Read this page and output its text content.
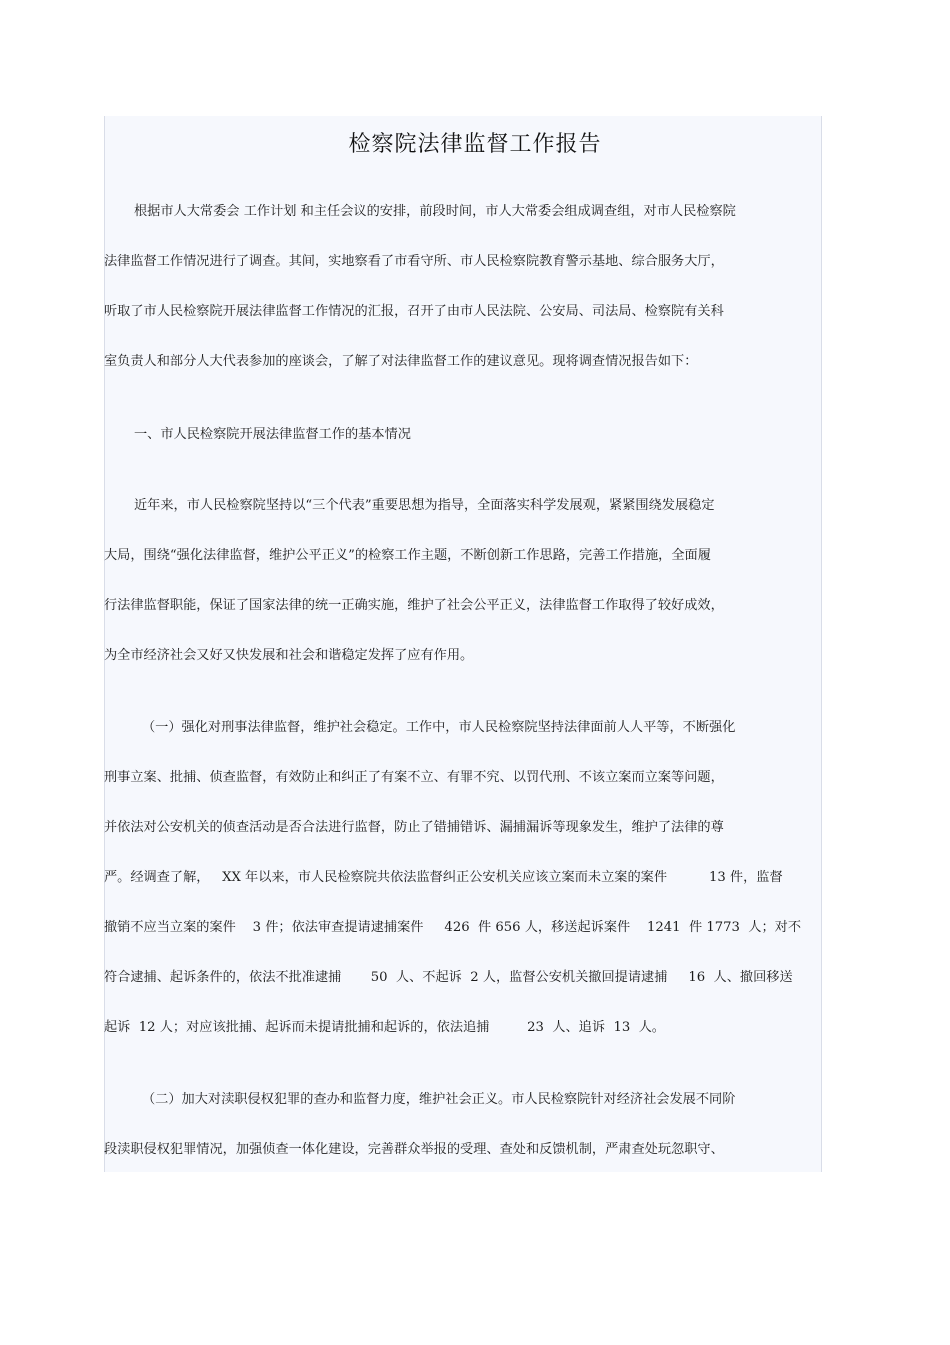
检察院法律监督工作报告
根据市人大常委会 工作计划 和主任会议的安排，前段时间，市人大常委会组成调查组，对市人民检察院
法律监督工作情况进行了调查。其间，实地察看了市看守所、市人民检察院教育警示基地、综合服务大厅，
听取了市人民检察院开展法律监督工作情况的汇报，召开了由市人民法院、公安局、司法局、检察院有关科
室负责人和部分人大代表参加的座谈会，了解了对法律监督工作的建议意见。现将调查情况报告如下：
一、市人民检察院开展法律监督工作的基本情况
近年来，市人民检察院坚持以“三个代表”重要思想为指导，全面落实科学发展观，紧紧围绕发展稳定
大局，围绕“强化法律监督，维护公平正义”的检察工作主题，不断创新工作思路，完善工作措施，全面履
行法律监督职能，保证了国家法律的统一正确实施，维护了社会公平正义，法律监督工作取得了较好成效，
为全市经济社会又好又快发展和社会和谐稳定发挥了应有作用。
（一）强化对刑事法律监督，维护社会稳定。工作中，市人民检察院坚持法律面前人人平等，不断强化
刑事立案、批捕、侦查监督，有效防止和纠正了有案不立、有罪不究、以罚代刑、不该立案而立案等问题，
并依法对公安机关的侦查活动是否合法进行监督，防止了错捕错诉、漏捕漏诉等现象发生，维护了法律的尊
严。经调查了解，   XX 年以来，市人民检察院共依法监督纠正公安机关应该立案而未立案的案件          13 件，监督
撤销不应当立案的案件    3 件；依法审查提请逮捕案件     426  件 656 人，移送起诉案件    1241  件 1773  人；对不
符合逮捕、起诉条件的，依法不批准逮捕       50  人、不起诉  2 人，监督公安机关撤回提请逮捕     16  人、撤回移送
起诉  12 人；对应该批捕、起诉而未提请批捕和起诉的，依法追捕         23  人、追诉  13  人。
（二）加大对渎职侵权犯罪的查办和监督力度，维护社会正义。市人民检察院针对经济社会发展不同阶
段渎职侵权犯罪情况，加强侦查一体化建设，完善群众举报的受理、查处和反馈机制，严肃查处玩忽职守、
